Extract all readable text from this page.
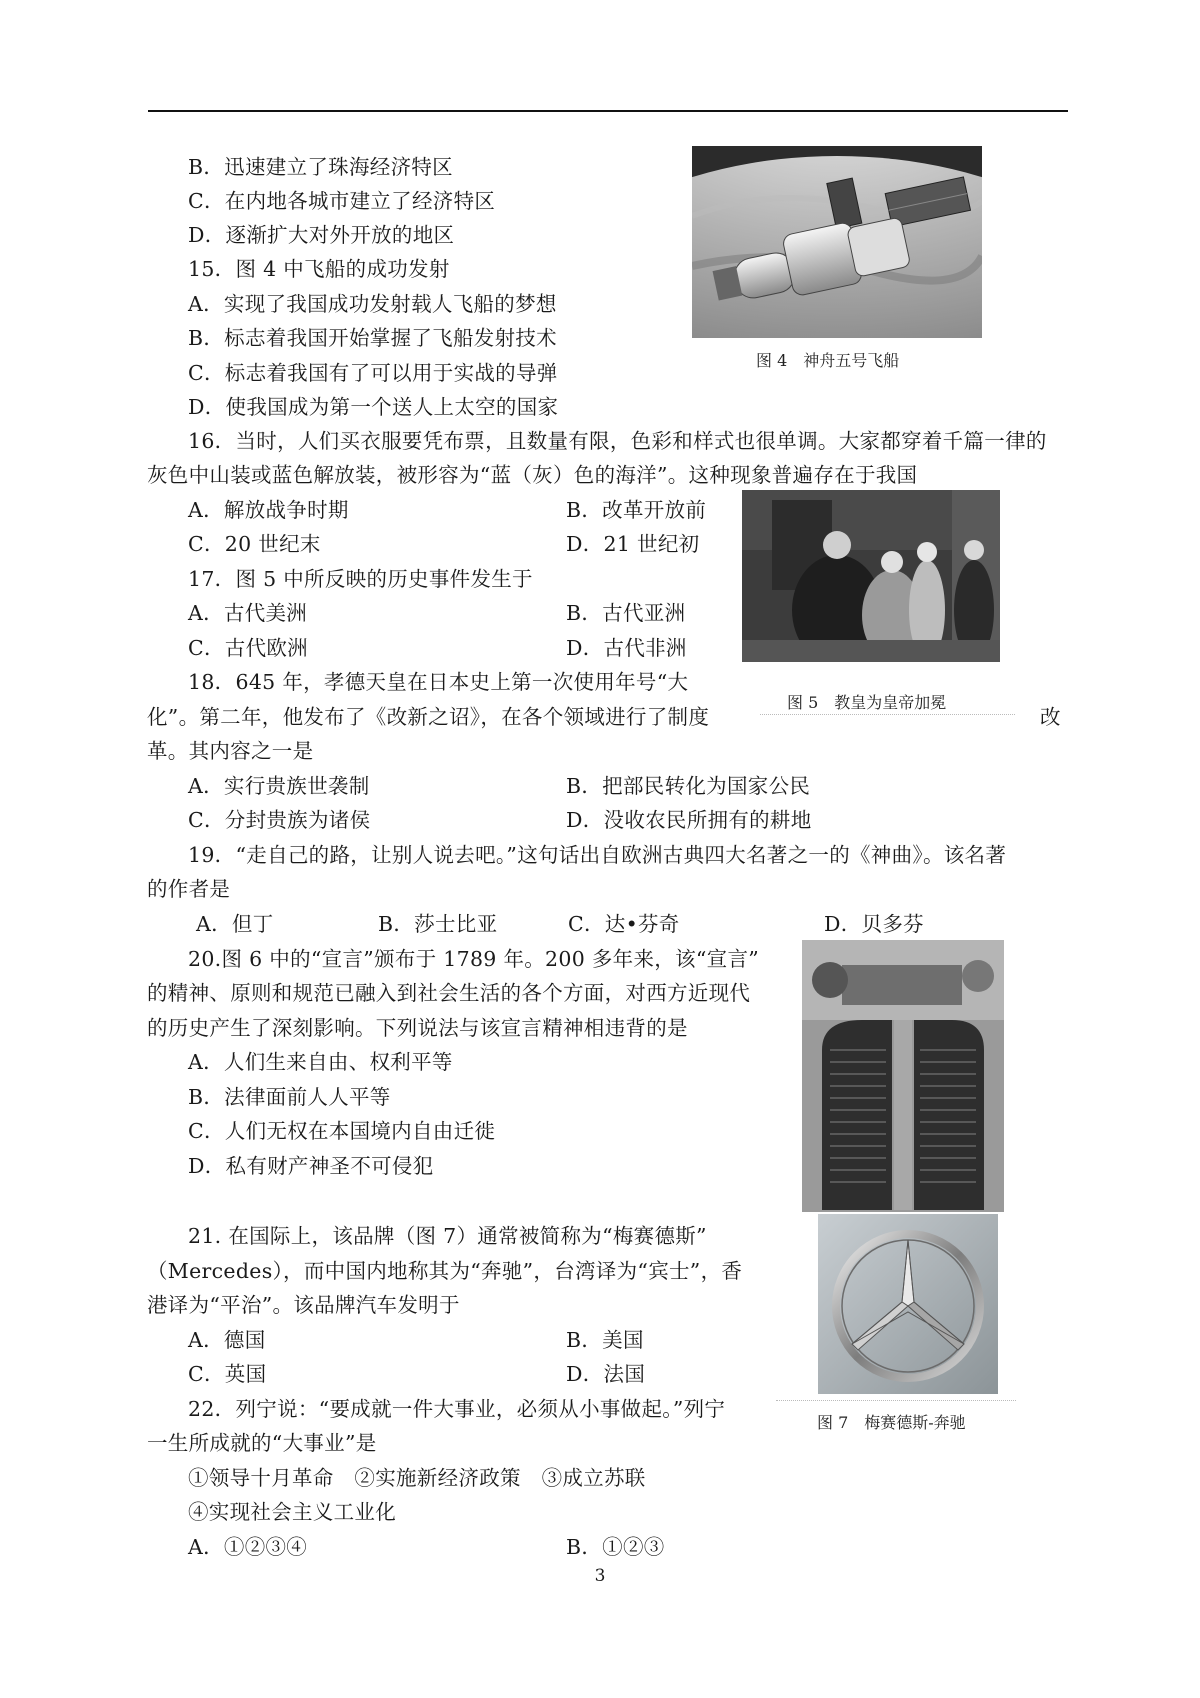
B．迅速建立了珠海经济特区
C．在内地各城市建立了经济特区
D．逐渐扩大对外开放的地区
15．图 4 中飞船的成功发射
A．实现了我国成功发射载人飞船的梦想
B．标志着我国开始掌握了飞船发射技术
C．标志着我国有了可以用于实战的导弹
D．使我国成为第一个送人上太空的国家
图 4　神舟五号飞船
16．当时，人们买衣服要凭布票，且数量有限，色彩和样式也很单调。大家都穿着千篇一律的
灰色中山装或蓝色解放装，被形容为“蓝（灰）色的海洋”。这种现象普遍存在于我国
A．解放战争时期	B．改革开放前
C．20 世纪末	D．21 世纪初
17．图 5 中所反映的历史事件发生于
A．古代美洲	B．古代亚洲
C．古代欧洲	D．古代非洲
18．645 年，孝德天皇在日本史上第一次使用年号“大
图 5　教皇为皇帝加冕
化”。第二年，他发布了《改新之诏》，在各个领域进行了制度	改
革。其内容之一是
A．实行贵族世袭制	B．把部民转化为国家公民
C．分封贵族为诸侯	D．没收农民所拥有的耕地
19．“走自己的路，让别人说去吧。”这句话出自欧洲古典四大名著之一的《神曲》。该名著
的作者是
A．但丁	B．莎士比亚	C．达•芬奇	D．贝多芬
20.图 6 中的“宣言”颁布于 1789 年。200 多年来，该“宣言”
的精神、原则和规范已融入到社会生活的各个方面，对西方近现代
的历史产生了深刻影响。下列说法与该宣言精神相违背的是
A．人们生来自由、权利平等
B．法律面前人人平等
C．人们无权在本国境内自由迁徙
D．私有财产神圣不可侵犯
21. 在国际上，该品牌（图 7）通常被简称为“梅赛德斯”
（Mercedes），而中国内地称其为“奔驰”，台湾译为“宾士”，香
港译为“平治”。该品牌汽车发明于
A．德国	B．美国
C．英国	D．法国
图 7　梅赛德斯-奔驰
22．列宁说：“要成就一件大事业，必须从小事做起。”列宁
一生所成就的“大事业”是
①领导十月革命　②实施新经济政策　③成立苏联
④实现社会主义工业化
A．①②③④	B．①②③
3
